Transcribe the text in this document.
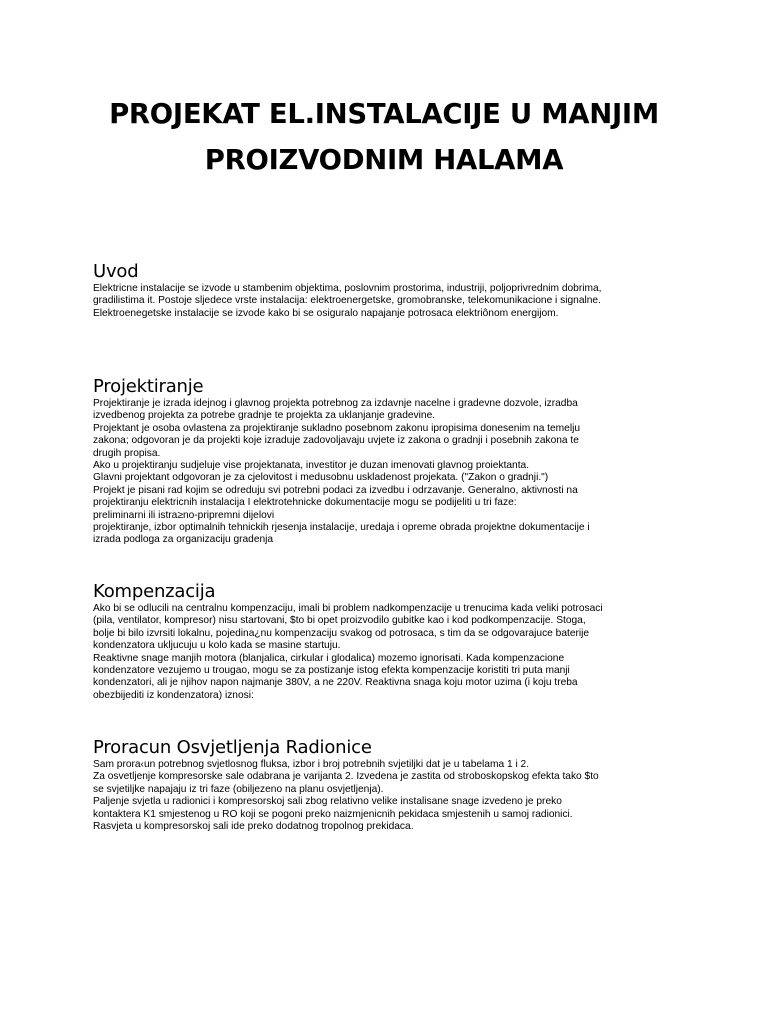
PROJEKAT EL.INSTALACIJE U MANJIM PROIZVODNIM HALAMA
Uvod

Elektricne instalacije se izvode u stambenim objektima, poslovnim prostorima, industriji, poljoprivrednim dobrima,
gradilistima it. Postoje sljedece vrste instalacija: elektroenergetske, gromobranske, telekomunikacione i signalne.
Elektroenegetske instalacije se izvode kako bi se osiguralo napajanje potrosaca elektriônom energijom.

Projektiranje

Projektiranje je izrada idejnog i glavnog projekta potrebnog za izdavnje nacelne i gradevne dozvole, izradba
izvedbenog projekta za potrebe gradnje te projekta za uklanjanje gradevine.
Projektant je osoba ovlastena za projektiranje sukladno posebnom zakonu ipropisima donesenim na temelju
zakona; odgovoran je da projekti koje izraduje zadovoljavaju uvjete iz zakona o gradnji i posebnih zakona te
drugih propisa.
Ako u projektiranju sudjeluje vise projektanata, investitor je duzan imenovati glavnog proiektanta.
Glavni projektant odgovoran je za cjelovitost i medusobnu uskladenost projekata. ("Zakon o gradnji.")
Projekt je pisani rad kojim se odreduju svi potrebni podaci za izvedbu i odrzavanje. Generalno, aktivnosti na
projektiranju elektricnih instalacija I elektrotehnicke dokumentacije mogu se podijeliti u tri faze:
preliminarni ili istra≥no-pripremni dijelovi
projektiranje, izbor optimalnih tehnickih rjesenja instalacije, uredaja i opreme obrada projektne dokumentacije i
izrada podloga za organizaciju gradenja

Kompenzacija

Ako bi se odlucili na centralnu kompenzaciju, imali bi problem nadkompenzacije u trenucima kada veliki potrosaci
(pila, ventilator, kompresor) nisu startovani, $to bi opet proizvodilo gubitke kao i kod podkompenzacije. Stoga,
bolje bi bilo izvrsiti lokalnu, pojedina¿nu kompenzaciju svakog od potrosaca, s tim da se odgovarajuce baterije
kondenzatora ukljucuju u kolo kada se masine startuju.
Reaktivne snage manjih motora (blanjalica, cirkular i glodalica) mozemo ignorisati. Kada kompenzacione
kondenzatore vezujemo u trougao, mogu se za postizanje istog efekta kompenzacije koristiti tri puta manji
kondenzatori, ali je njihov napon najmanje 380V, a ne 220V. Reaktivna snaga koju motor uzima (i koju treba
obezbijediti iz kondenzatora) iznosi:

Proracun Osvjetljenja Radionice

Sam prora‹un potrebnog svjetlosnog fluksa, izbor i broj potrebnih svjetiljki dat je u tabelama 1 i 2.
Za osvetljenje kompresorske sale odabrana je varijanta 2. Izvedena je zastita od stroboskopskog efekta tako $to
se svjetiljke napajaju iz tri faze (obiljezeno na planu osvjetljenja).
Paljenje svjetla u radionici i kompresorskoj sali zbog relativno velike instalisane snage izvedeno je preko
kontaktera K1 smjestenog u RO koji se pogoni preko naizmjenicnih pekidaca smjestenih u samoj radionici.
Rasvjeta u kompresorskoj sali ide preko dodatnog tropolnog prekidaca.
